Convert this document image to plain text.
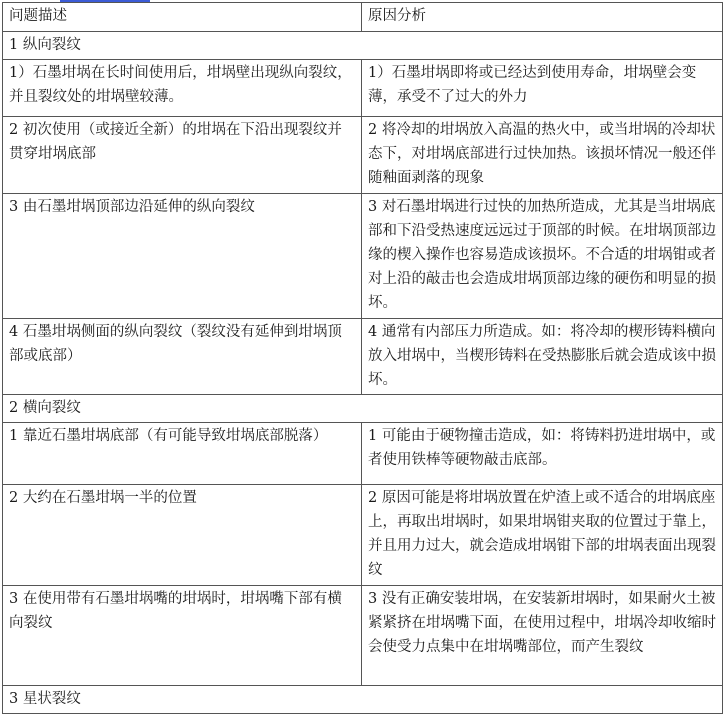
问题描述	原因分析
1 纵向裂纹	
1）石墨坩埚在长时间使用后，坩埚壁出现纵向裂纹，并且裂纹处的坩埚壁较薄。	1）石墨坩埚即将或已经达到使用寿命，坩埚壁会变薄，承受不了过大的外力
2 初次使用（或接近全新）的坩埚在下沿出现裂纹并贯穿坩埚底部	2 将冷却的坩埚放入高温的热火中，或当坩埚的冷却状态下，对坩埚底部进行过快加热。该损坏情况一般还伴随釉面剥落的现象
3 由石墨坩埚顶部边沿延伸的纵向裂纹	3 对石墨坩埚进行过快的加热所造成，尤其是当坩埚底部和下沿受热速度远远过于顶部的时候。在坩埚顶部边缘的楔入操作也容易造成该损坏。不合适的坩埚钳或者对上沿的敲击也会造成坩埚顶部边缘的硬伤和明显的损坏。
4 石墨坩埚侧面的纵向裂纹（裂纹没有延伸到坩埚顶部或底部）	4 通常有内部压力所造成。如：将冷却的楔形铸料横向放入坩埚中，当楔形铸料在受热膨胀后就会造成该中损坏。
2 横向裂纹	
1 靠近石墨坩埚底部（有可能导致坩埚底部脱落）	1 可能由于硬物撞击造成，如：将铸料扔进坩埚中，或者使用铁棒等硬物敲击底部。
2 大约在石墨坩埚一半的位置	2 原因可能是将坩埚放置在炉渣上或不适合的坩埚底座上，再取出坩埚时，如果坩埚钳夹取的位置过于靠上，并且用力过大，就会造成坩埚钳下部的坩埚表面出现裂纹
3 在使用带有石墨坩埚嘴的坩埚时，坩埚嘴下部有横向裂纹	3 没有正确安装坩埚，在安装新坩埚时，如果耐火土被紧紧挤在坩埚嘴下面，在使用过程中，坩埚冷却收缩时会使受力点集中在坩埚嘴部位，而产生裂纹
3 星状裂纹	
